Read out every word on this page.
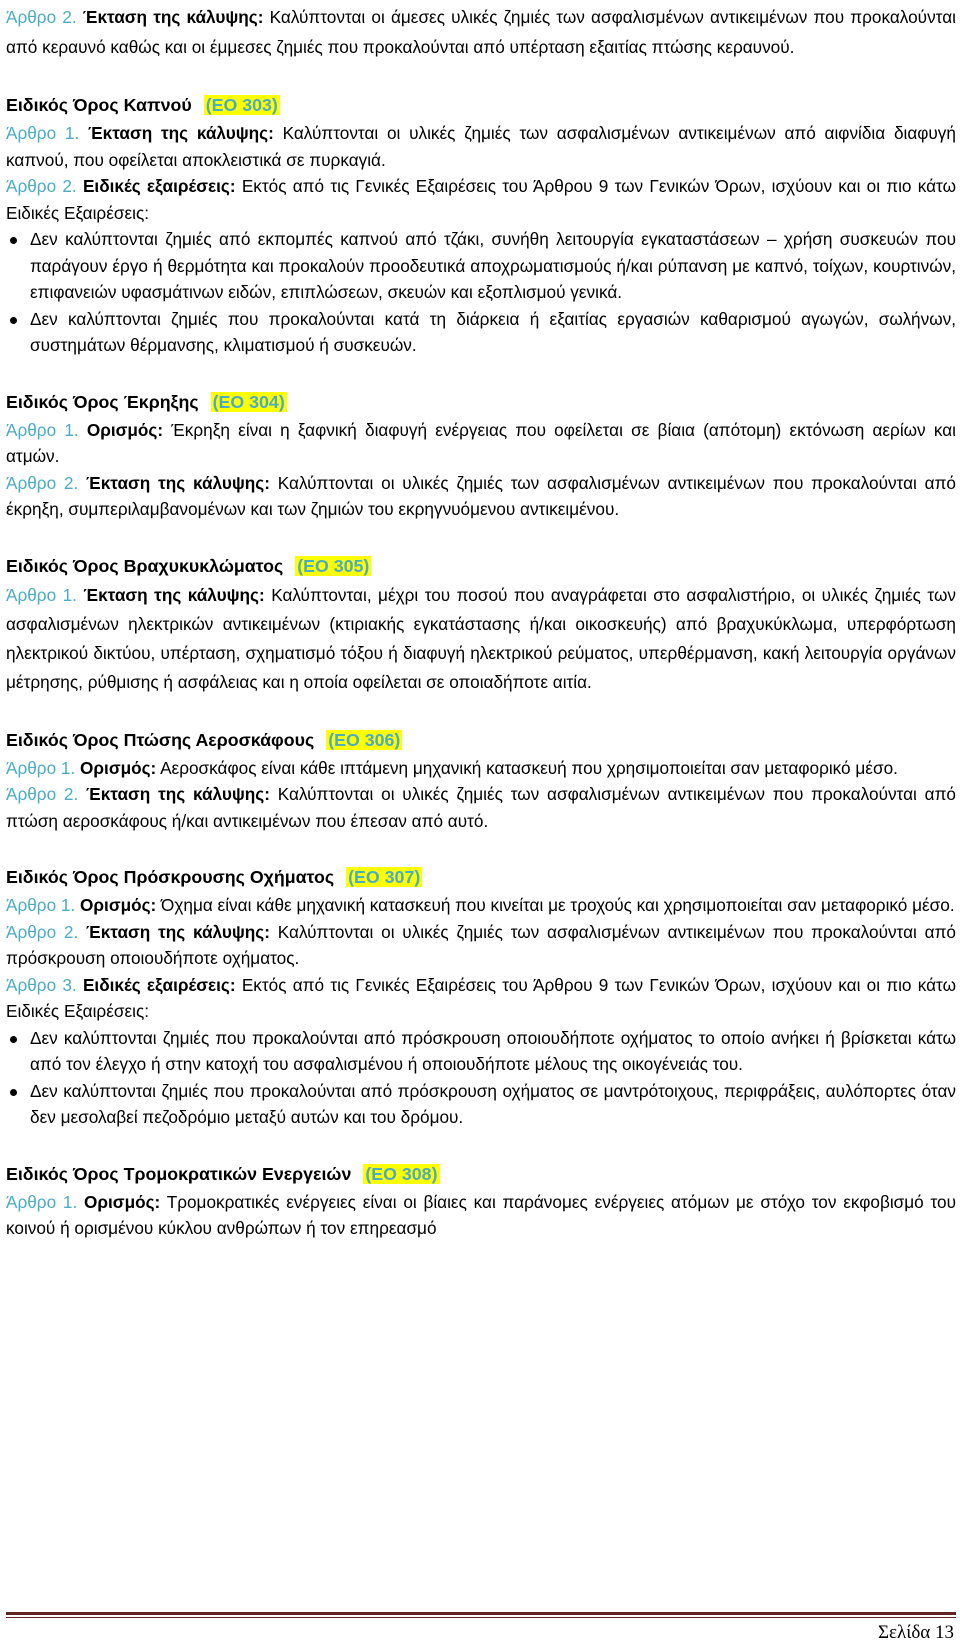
Άρθρο 2. Έκταση της κάλυψης: Καλύπτονται οι άμεσες υλικές ζημιές των ασφαλισμένων αντικειμένων που προκαλούνται από κεραυνό καθώς και οι έμμεσες ζημιές που προκαλούνται από υπέρταση εξαιτίας πτώσης κεραυνού.

Ειδικός Όρος Καπνού (ΕΟ 303)

Άρθρο 1. Έκταση της κάλυψης: Καλύπτονται οι υλικές ζημιές των ασφαλισμένων αντικειμένων από αιφνίδια διαφυγή καπνού, που οφείλεται αποκλειστικά σε πυρκαγιά.

Άρθρο 2. Ειδικές εξαιρέσεις: Εκτός από τις Γενικές Εξαιρέσεις του Άρθρου 9 των Γενικών Όρων, ισχύουν και οι πιο κάτω Ειδικές Εξαιρέσεις:

Δεν καλύπτονται ζημιές από εκπομπές καπνού από τζάκι, συνήθη λειτουργία εγκαταστάσεων – χρήση συσκευών που παράγουν έργο ή θερμότητα και προκαλούν προοδευτικά αποχρωματισμούς ή/και ρύπανση με καπνό, τοίχων, κουρτινών, επιφανειών υφασμάτινων ειδών, επιπλώσεων, σκευών και εξοπλισμού γενικά.

Δεν καλύπτονται ζημιές που προκαλούνται κατά τη διάρκεια ή εξαιτίας εργασιών καθαρισμού αγωγών, σωλήνων, συστημάτων θέρμανσης, κλιματισμού ή συσκευών.

Ειδικός Όρος Έκρηξης (ΕΟ 304)

Άρθρο 1. Ορισμός: Έκρηξη είναι η ξαφνική διαφυγή ενέργειας που οφείλεται σε βίαια (απότομη) εκτόνωση αερίων και ατμών.

Άρθρο 2. Έκταση της κάλυψης: Καλύπτονται οι υλικές ζημιές των ασφαλισμένων αντικειμένων που προκαλούνται από έκρηξη, συμπεριλαμβανομένων και των ζημιών του εκρηγνυόμενου αντικειμένου.

Ειδικός Όρος Βραχυκυκλώματος (ΕΟ 305)

Άρθρο 1. Έκταση της κάλυψης: Καλύπτονται, μέχρι του ποσού που αναγράφεται στο ασφαλιστήριο, οι υλικές ζημιές των ασφαλισμένων ηλεκτρικών αντικειμένων (κτιριακής εγκατάστασης ή/και οικοσκευής) από βραχυκύκλωμα, υπερφόρτωση ηλεκτρικού δικτύου, υπέρταση, σχηματισμό τόξου ή διαφυγή ηλεκτρικού ρεύματος, υπερθέρμανση, κακή λειτουργία οργάνων μέτρησης, ρύθμισης ή ασφάλειας και η οποία οφείλεται σε οποιαδήποτε αιτία.

Ειδικός Όρος Πτώσης Αεροσκάφους (ΕΟ 306)

Άρθρο 1. Ορισμός: Αεροσκάφος είναι κάθε ιπτάμενη μηχανική κατασκευή που χρησιμοποιείται σαν μεταφορικό μέσο.

Άρθρο 2. Έκταση της κάλυψης: Καλύπτονται οι υλικές ζημιές των ασφαλισμένων αντικειμένων που προκαλούνται από πτώση αεροσκάφους ή/και αντικειμένων που έπεσαν από αυτό.

Ειδικός Όρος Πρόσκρουσης Οχήματος (ΕΟ 307)

Άρθρο 1. Ορισμός: Όχημα είναι κάθε μηχανική κατασκευή που κινείται με τροχούς και χρησιμοποιείται σαν μεταφορικό μέσο.

Άρθρο 2. Έκταση της κάλυψης: Καλύπτονται οι υλικές ζημιές των ασφαλισμένων αντικειμένων που προκαλούνται από πρόσκρουση οποιουδήποτε οχήματος.

Άρθρο 3. Ειδικές εξαιρέσεις: Εκτός από τις Γενικές Εξαιρέσεις του Άρθρου 9 των Γενικών Όρων, ισχύουν και οι πιο κάτω Ειδικές Εξαιρέσεις:

Δεν καλύπτονται ζημιές που προκαλούνται από πρόσκρουση οποιουδήποτε οχήματος το οποίο ανήκει ή βρίσκεται κάτω από τον έλεγχο ή στην κατοχή του ασφαλισμένου ή οποιουδήποτε μέλους της οικογένειάς του.

Δεν καλύπτονται ζημιές που προκαλούνται από πρόσκρουση οχήματος σε μαντρότοιχους, περιφράξεις, αυλόπορτες όταν δεν μεσολαβεί πεζοδρόμιο μεταξύ αυτών και του δρόμου.

Ειδικός Όρος Τρομοκρατικών Ενεργειών (ΕΟ 308)

Άρθρο 1. Ορισμός: Τρομοκρατικές ενέργειες είναι οι βίαιες και παράνομες ενέργειες ατόμων με στόχο τον εκφοβισμό του κοινού ή ορισμένου κύκλου ανθρώπων ή τον επηρεασμό

Σελίδα 13
